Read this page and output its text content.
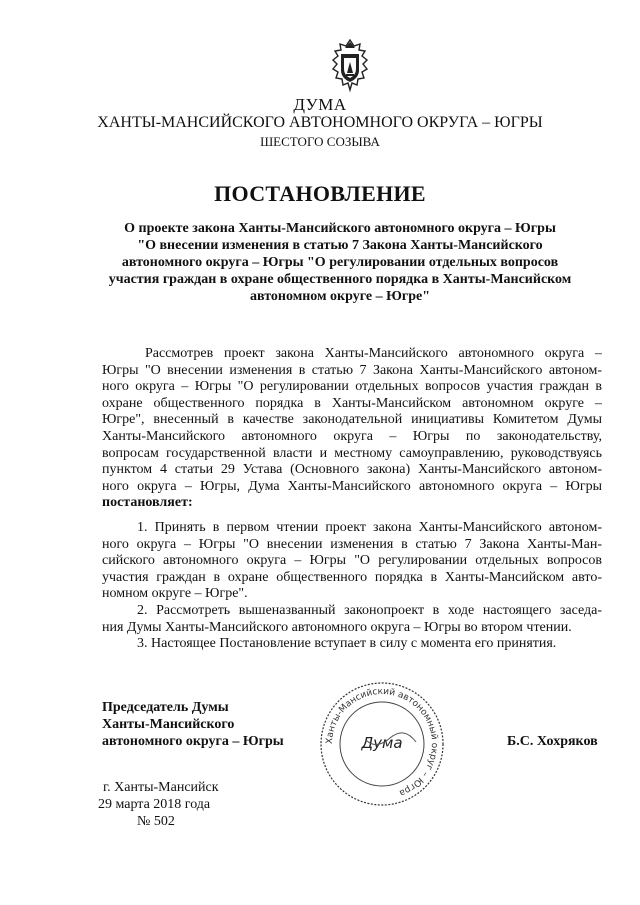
ДУМА
ХАНТЫ-МАНСИЙСКОГО АВТОНОМНОГО ОКРУГА – ЮГРЫ
ШЕСТОГО СОЗЫВА
ПОСТАНОВЛЕНИЕ
О проекте закона Ханты-Мансийского автономного округа – Югры
"О внесении изменения в статью 7 Закона Ханты-Мансийского
автономного округа – Югры "О регулировании отдельных вопросов
участия граждан в охране общественного порядка в Ханты-Мансийском
автономном округе – Югре"
Рассмотрев проект закона Ханты-Мансийского автономного округа –
Югры "О внесении изменения в статью 7 Закона Ханты-Мансийского автоном-
ного округа – Югры "О регулировании отдельных вопросов участия граждан в
охране общественного порядка в Ханты-Мансийском автономном округе –
Югре", внесенный в качестве законодательной инициативы Комитетом Думы
Ханты-Мансийского автономного округа – Югры по законодательству,
вопросам государственной власти и местному самоуправлению, руководствуясь
пунктом 4 статьи 29 Устава (Основного закона) Ханты-Мансийского автоном-
ного округа – Югры, Дума Ханты-Мансийского автономного округа – Югры
постановляет:
1. Принять в первом чтении проект закона Ханты-Мансийского автоном-
ного округа – Югры "О внесении изменения в статью 7 Закона Ханты-Ман-
сийского автономного округа – Югры "О регулировании отдельных вопросов
участия граждан в охране общественного порядка в Ханты-Мансийском авто-
номном округе – Югре".
2. Рассмотреть вышеназванный законопроект в ходе настоящего заседа-
ния Думы Ханты-Мансийского автономного округа – Югры во втором чтении.
3. Настоящее Постановление вступает в силу с момента его принятия.
Председатель Думы
Ханты-Мансийского
автономного округа – Югры	Ханты-Мансийский автономный округ – Югра
Дума	Б.С. Хохряков
г. Ханты-Мансийск
29 марта 2018 года
№ 502
